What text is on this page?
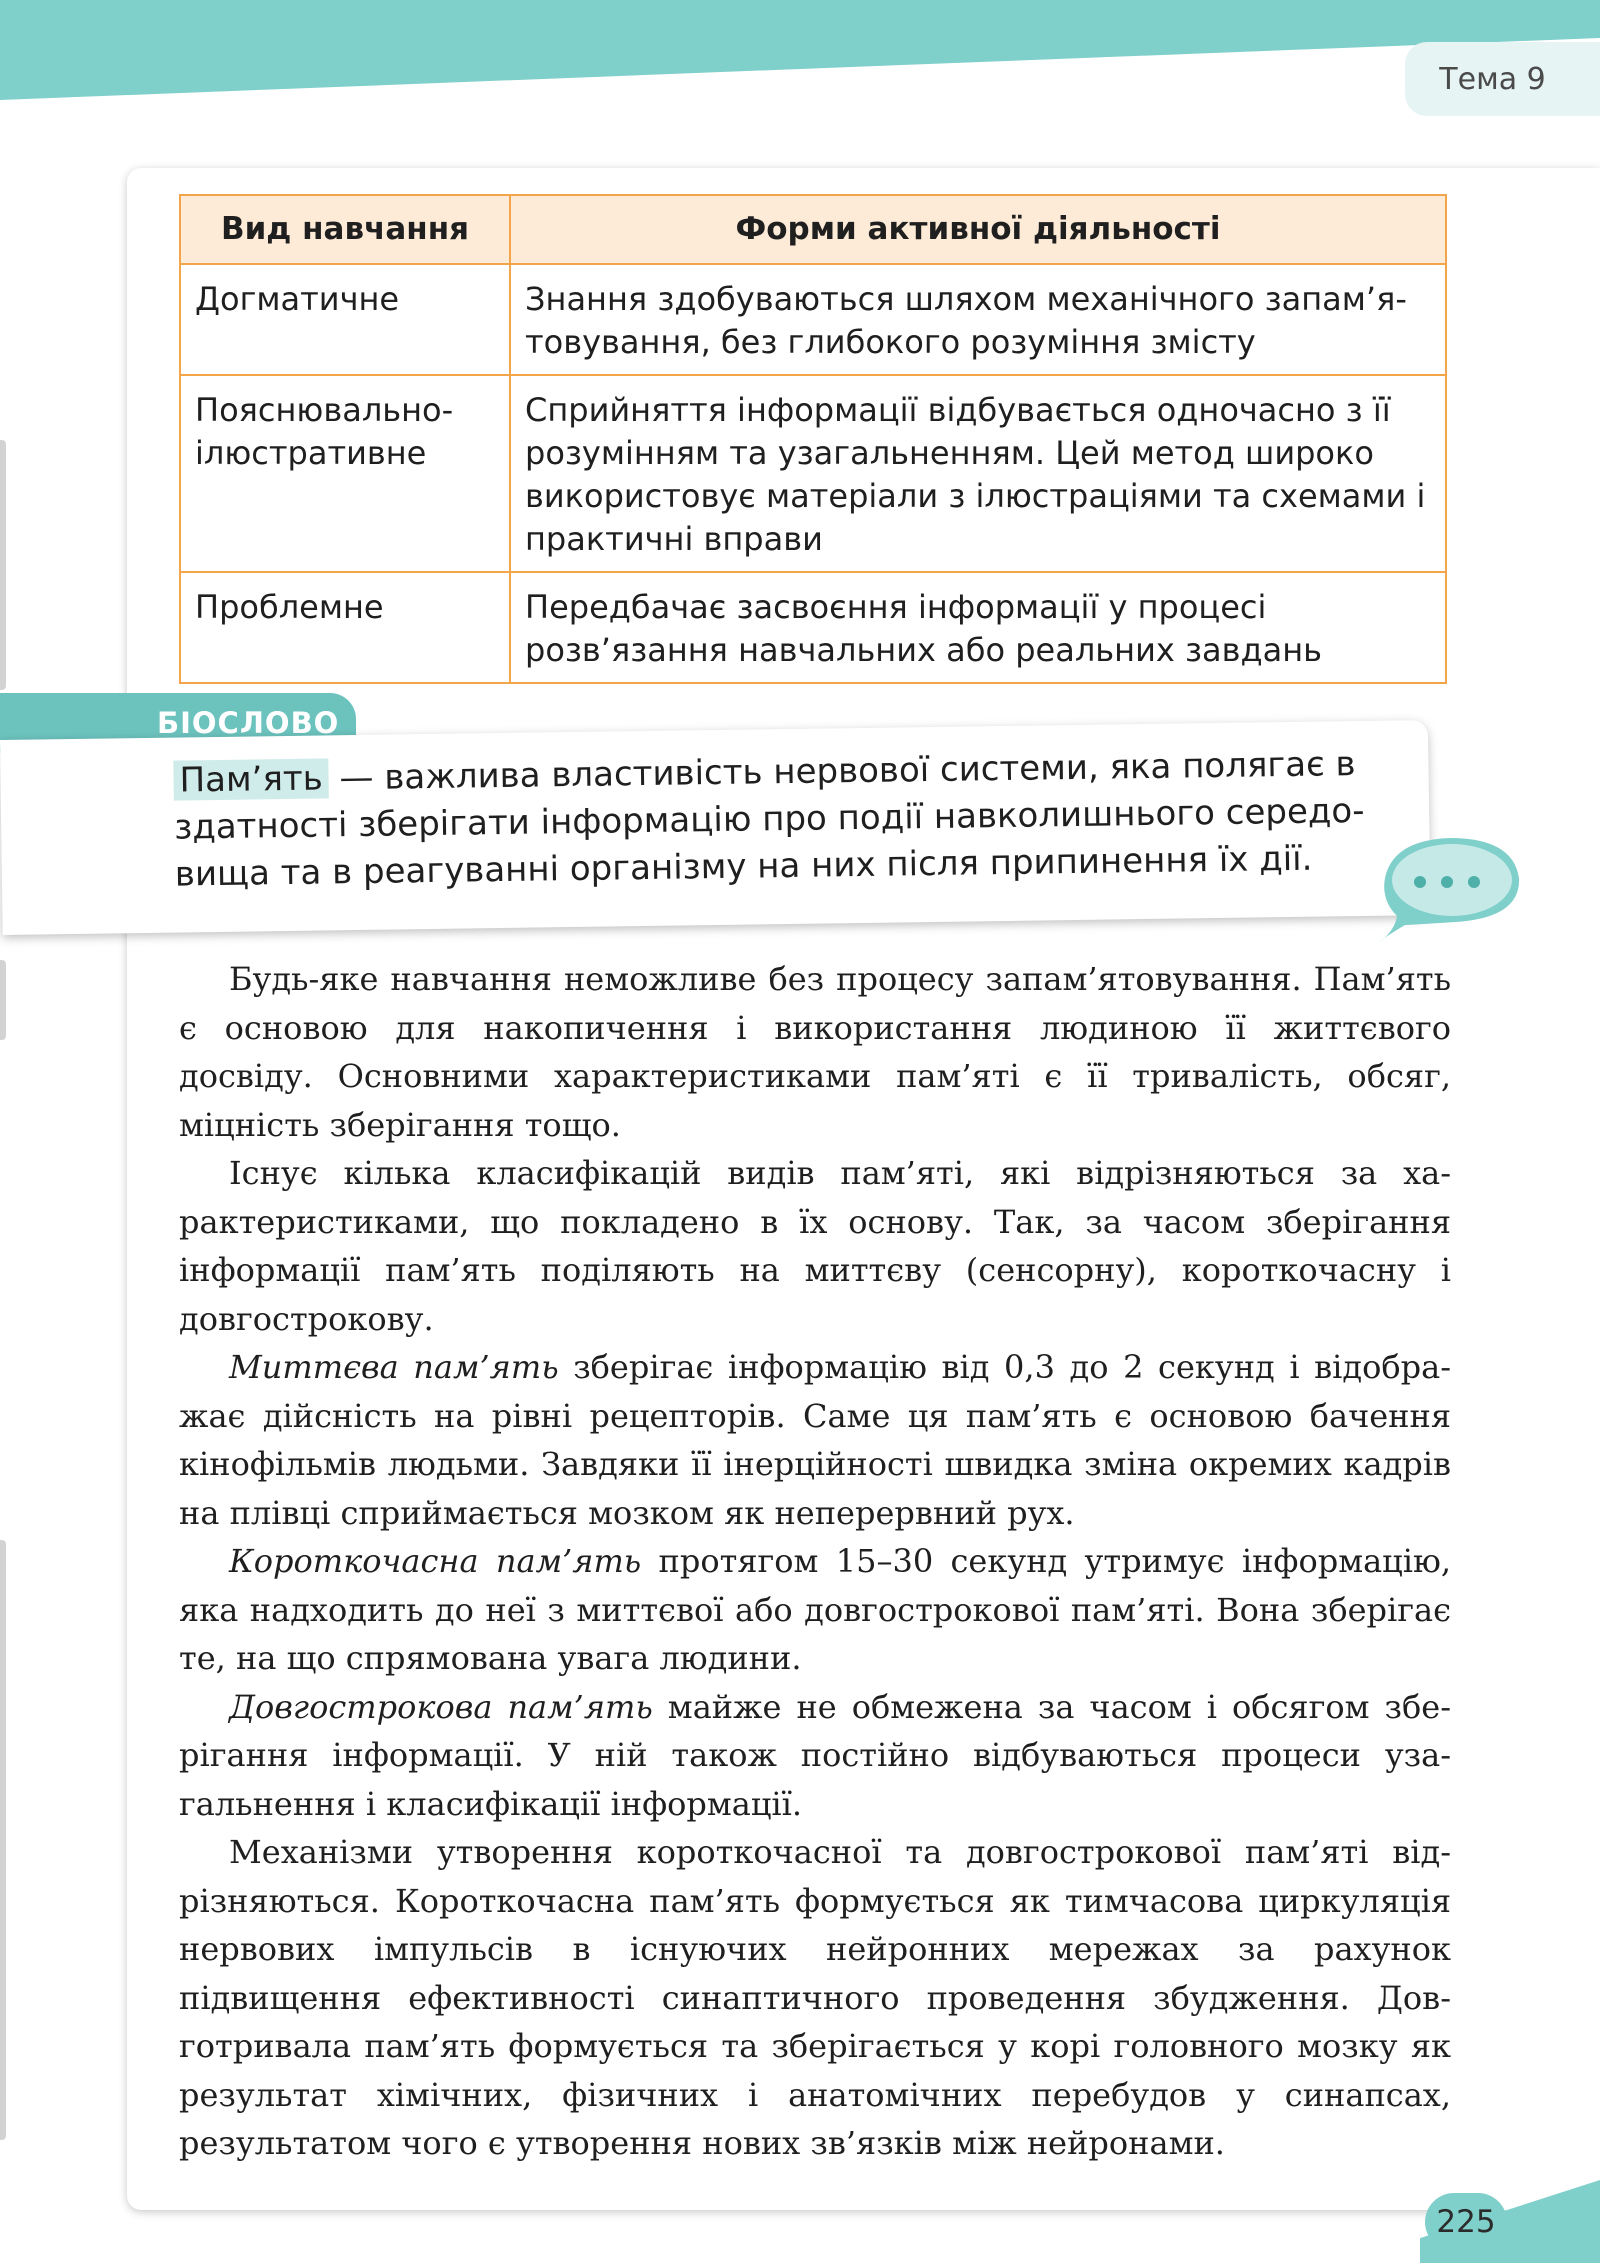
Тема 9
Вид навчання	Форми активної діяльності
Догматичне	Знання здобуваються шляхом механічного запам’ятовування, без глибокого розуміння змісту
Пояснювально-ілюстративне	Сприйняття інформації відбувається одночасно з її розумінням та узагальненням. Цей метод широко використовує матеріали з ілюстраціями та схемами і практичні вправи
Проблемне	Передбачає засвоєння інформації у процесі розв’язання навчальних або реальних завдань
БІОСЛОВО
Пам’ять — важлива властивість нервової системи, яка полягає в здатності зберігати інформацію про події навколишнього середовища та в реагуванні організму на них після припинення їх дії.

Будь-яке навчання неможливе без процесу запам’ятовування. Пам’ять є основою для накопичення і використання людиною її життєвого досвіду. Основними характеристиками пам’яті є її тривалість, обсяг, міцність зберігання тощо.

Існує кілька класифікацій видів пам’яті, які відрізняються за характеристиками, що покладено в їх основу. Так, за часом зберігання інформації пам’ять поділяють на миттєву (сенсорну), короткочасну і довгострокову.

Миттєва пам’ять зберігає інформацію від 0,3 до 2 секунд і відображає дійсність на рівні рецепторів. Саме ця пам’ять є основою бачення кінофільмів людьми. Завдяки її інерційності швидка зміна окремих кадрів на плівці сприймається мозком як неперервний рух.

Короткочасна пам’ять протягом 15–30 секунд утримує інформацію, яка надходить до неї з миттєвої або довгострокової пам’яті. Вона зберігає те, на що спрямована увага людини.

Довгострокова пам’ять майже не обмежена за часом і обсягом зберігання інформації. У ній також постійно відбуваються процеси узагальнення і класифікації інформації.

Механізми утворення короткочасної та довгострокової пам’яті відрізняються. Короткочасна пам’ять формується як тимчасова циркуляція нервових імпульсів в існуючих нейронних мережах за рахунок підвищення ефективності синаптичного проведення збудження. Довготривала пам’ять формується та зберігається у корі головного мозку як результат хімічних, фізичних і анатомічних перебудов у синапсах, результатом чого є утворення нових зв’язків між нейронами.

225
